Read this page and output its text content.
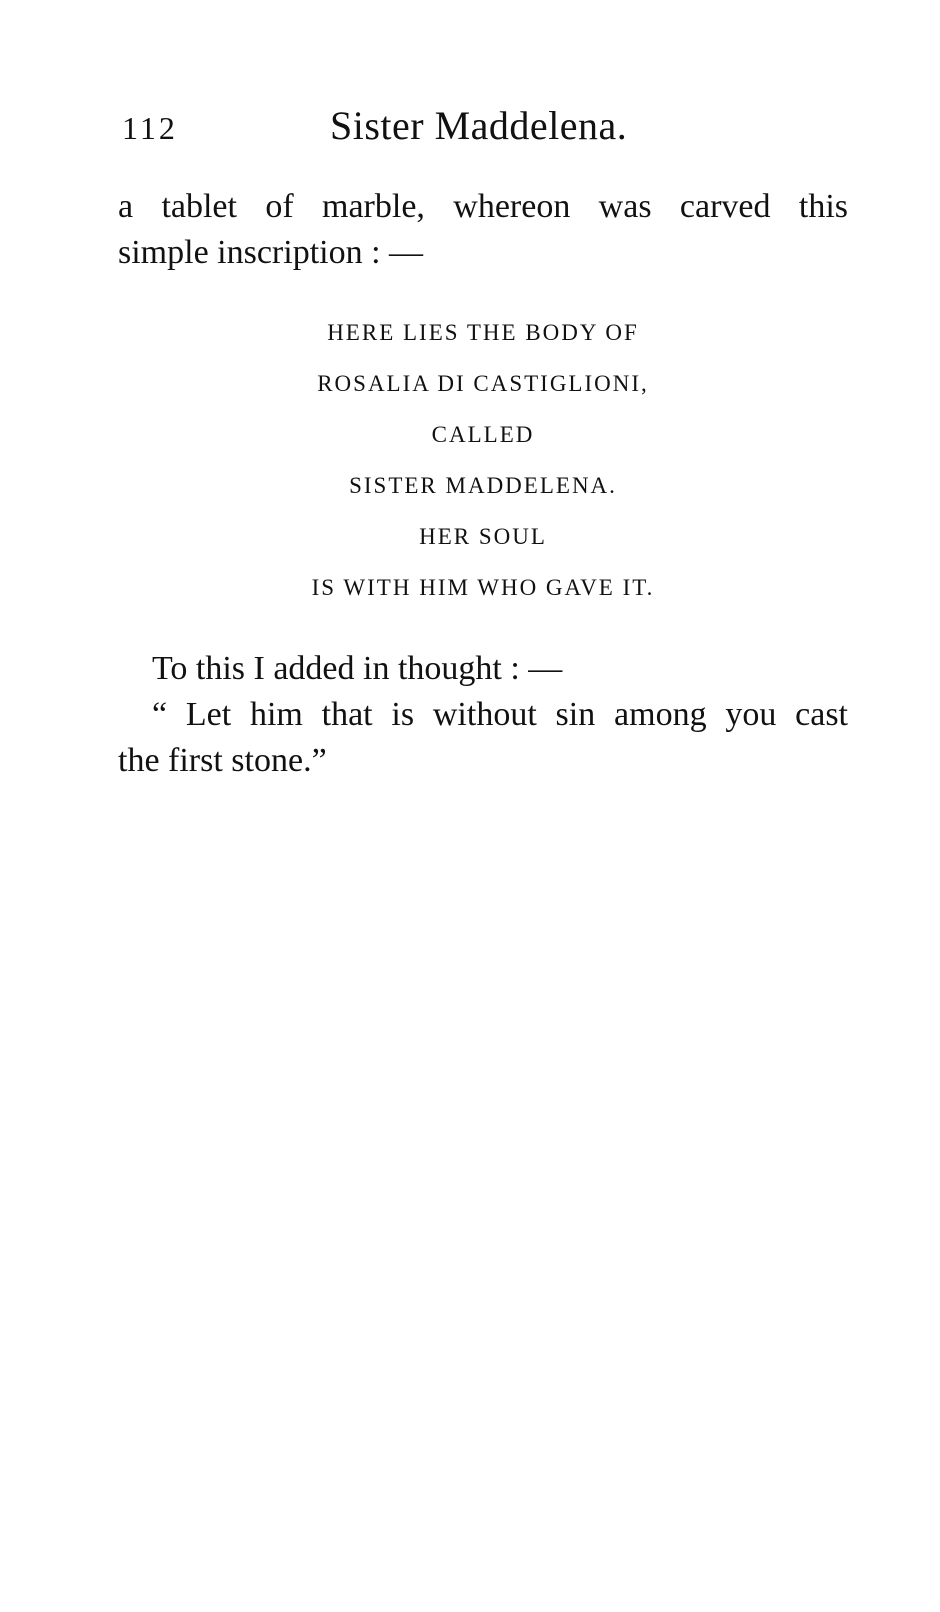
112	Sister Maddelena.
a tablet of marble, whereon was carved this
simple inscription : —
HERE LIES THE BODY OF
ROSALIA DI CASTIGLIONI,
CALLED
SISTER MADDELENA.
HER SOUL
IS WITH HIM WHO GAVE IT.
To this I added in thought : —
“ Let him that is without sin among you cast
the first stone.”
